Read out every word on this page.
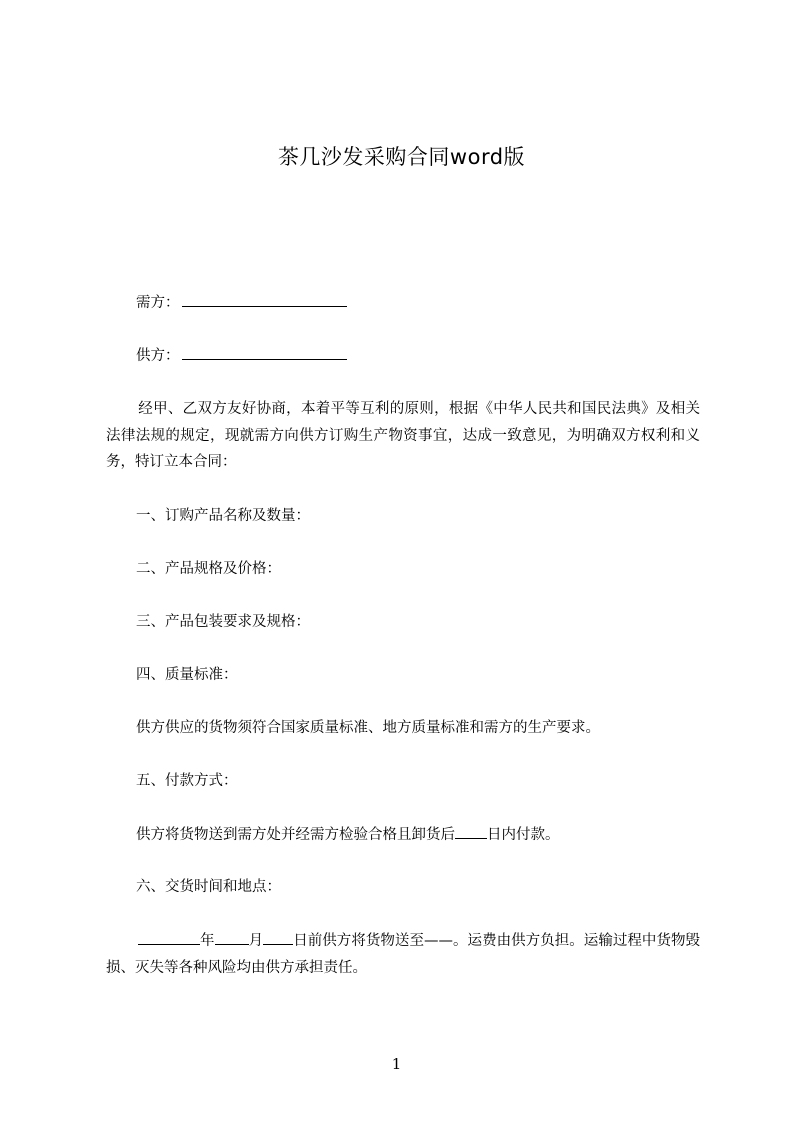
茶几沙发采购合同word版
需方：
供方：
经甲、乙双方友好协商，本着平等互利的原则，根据《中华人民共和国民法典》及相关法律法规的规定，现就需方向供方订购生产物资事宜，达成一致意见，为明确双方权利和义务，特订立本合同：
一、订购产品名称及数量：
二、产品规格及价格：
三、产品包装要求及规格：
四、质量标准：
供方供应的货物须符合国家质量标准、地方质量标准和需方的生产要求。
五、付款方式：
供方将货物送到需方处并经需方检验合格且卸货后 日内付款。
六、交货时间和地点：
年 月 日前供方将货物送至——。运费由供方负担。运输过程中货物毁损、灭失等各种风险均由供方承担责任。
1
